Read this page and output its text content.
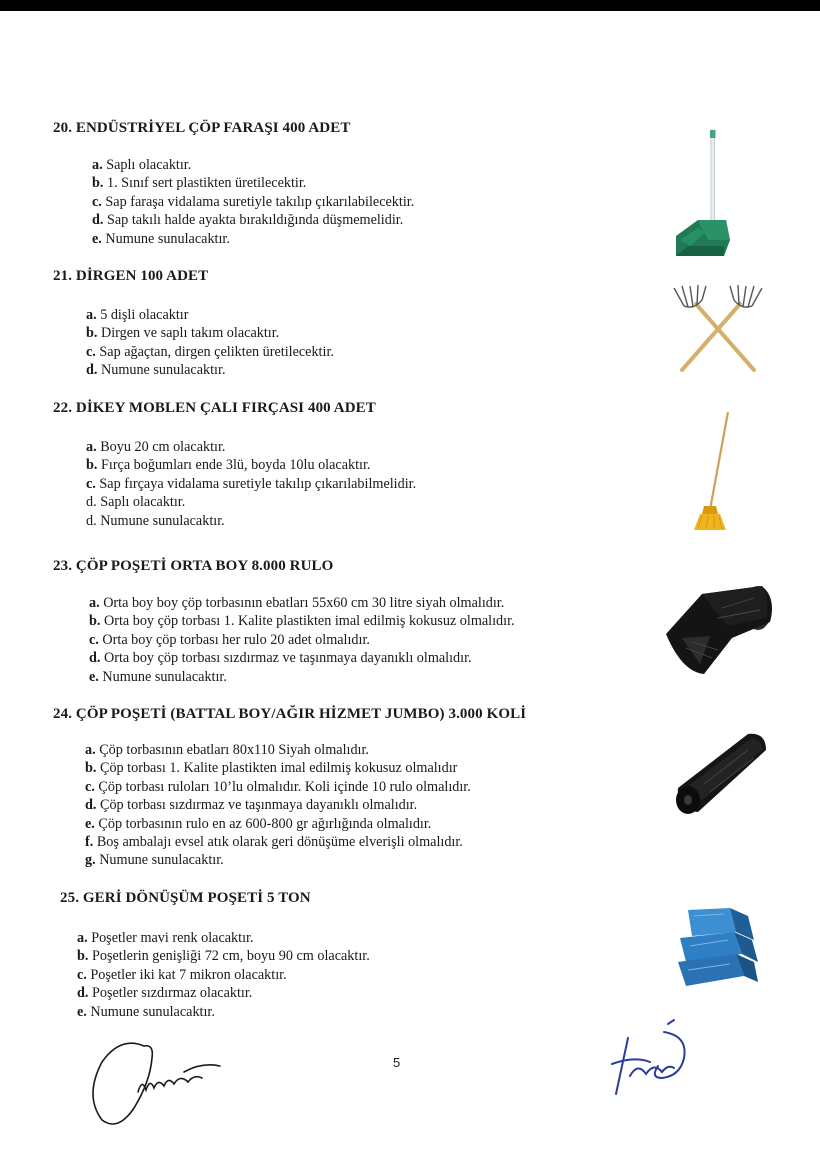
20. ENDÜSTRİYEL ÇÖP FARAŞI 400 ADET
a. Saplı olacaktır.
b. 1. Sınıf sert plastikten üretilecektir.
c. Sap faraşa vidalama suretiyle takılıp çıkarılabilecektir.
d. Sap takılı halde ayakta bırakıldığında düşmemelidir.
e. Numune sunulacaktır.
21. DİRGEN 100 ADET
a. 5 dişli olacaktır
b. Dirgen ve saplı takım olacaktır.
c. Sap ağaçtan, dirgen çelikten üretilecektir.
d. Numune sunulacaktır.
22. DİKEY MOBLEN ÇALI FIRÇASI 400 ADET
a. Boyu 20 cm olacaktır.
b. Fırça boğumları ende 3lü, boyda 10lu olacaktır.
c. Sap fırçaya vidalama suretiyle takılıp çıkarılabilmelidir.
d. Saplı olacaktır.
d. Numune sunulacaktır.
23. ÇÖP POŞETİ ORTA BOY 8.000 RULO
a. Orta boy boy çöp torbasının ebatları 55x60 cm 30 litre siyah olmalıdır.
b. Orta boy çöp torbası 1. Kalite plastikten imal edilmiş kokusuz olmalıdır.
c. Orta boy çöp torbası her rulo 20 adet olmalıdır.
d. Orta boy çöp torbası sızdırmaz ve taşınmaya dayanıklı olmalıdır.
e. Numune sunulacaktır.
24. ÇÖP POŞETİ (BATTAL BOY/AĞIR HİZMET JUMBO) 3.000 KOLİ
a. Çöp torbasının ebatları 80x110 Siyah olmalıdır.
b. Çöp torbası 1. Kalite plastikten imal edilmiş kokusuz olmalıdır
c. Çöp torbası ruloları 10’lu olmalıdır. Koli içinde 10 rulo olmalıdır.
d. Çöp torbası sızdırmaz ve taşınmaya dayanıklı olmalıdır.
e. Çöp torbasının rulo en az 600-800 gr ağırlığında olmalıdır.
f. Boş ambalajı evsel atık olarak geri dönüşüme elverişli olmalıdır.
g. Numune sunulacaktır.
25. GERİ DÖNÜŞÜM POŞETİ 5 TON
a. Poşetler mavi renk olacaktır.
b. Poşetlerin genişliği 72 cm, boyu 90 cm olacaktır.
c. Poşetler iki kat 7 mikron olacaktır.
d. Poşetler sızdırmaz olacaktır.
e. Numune sunulacaktır.
5
